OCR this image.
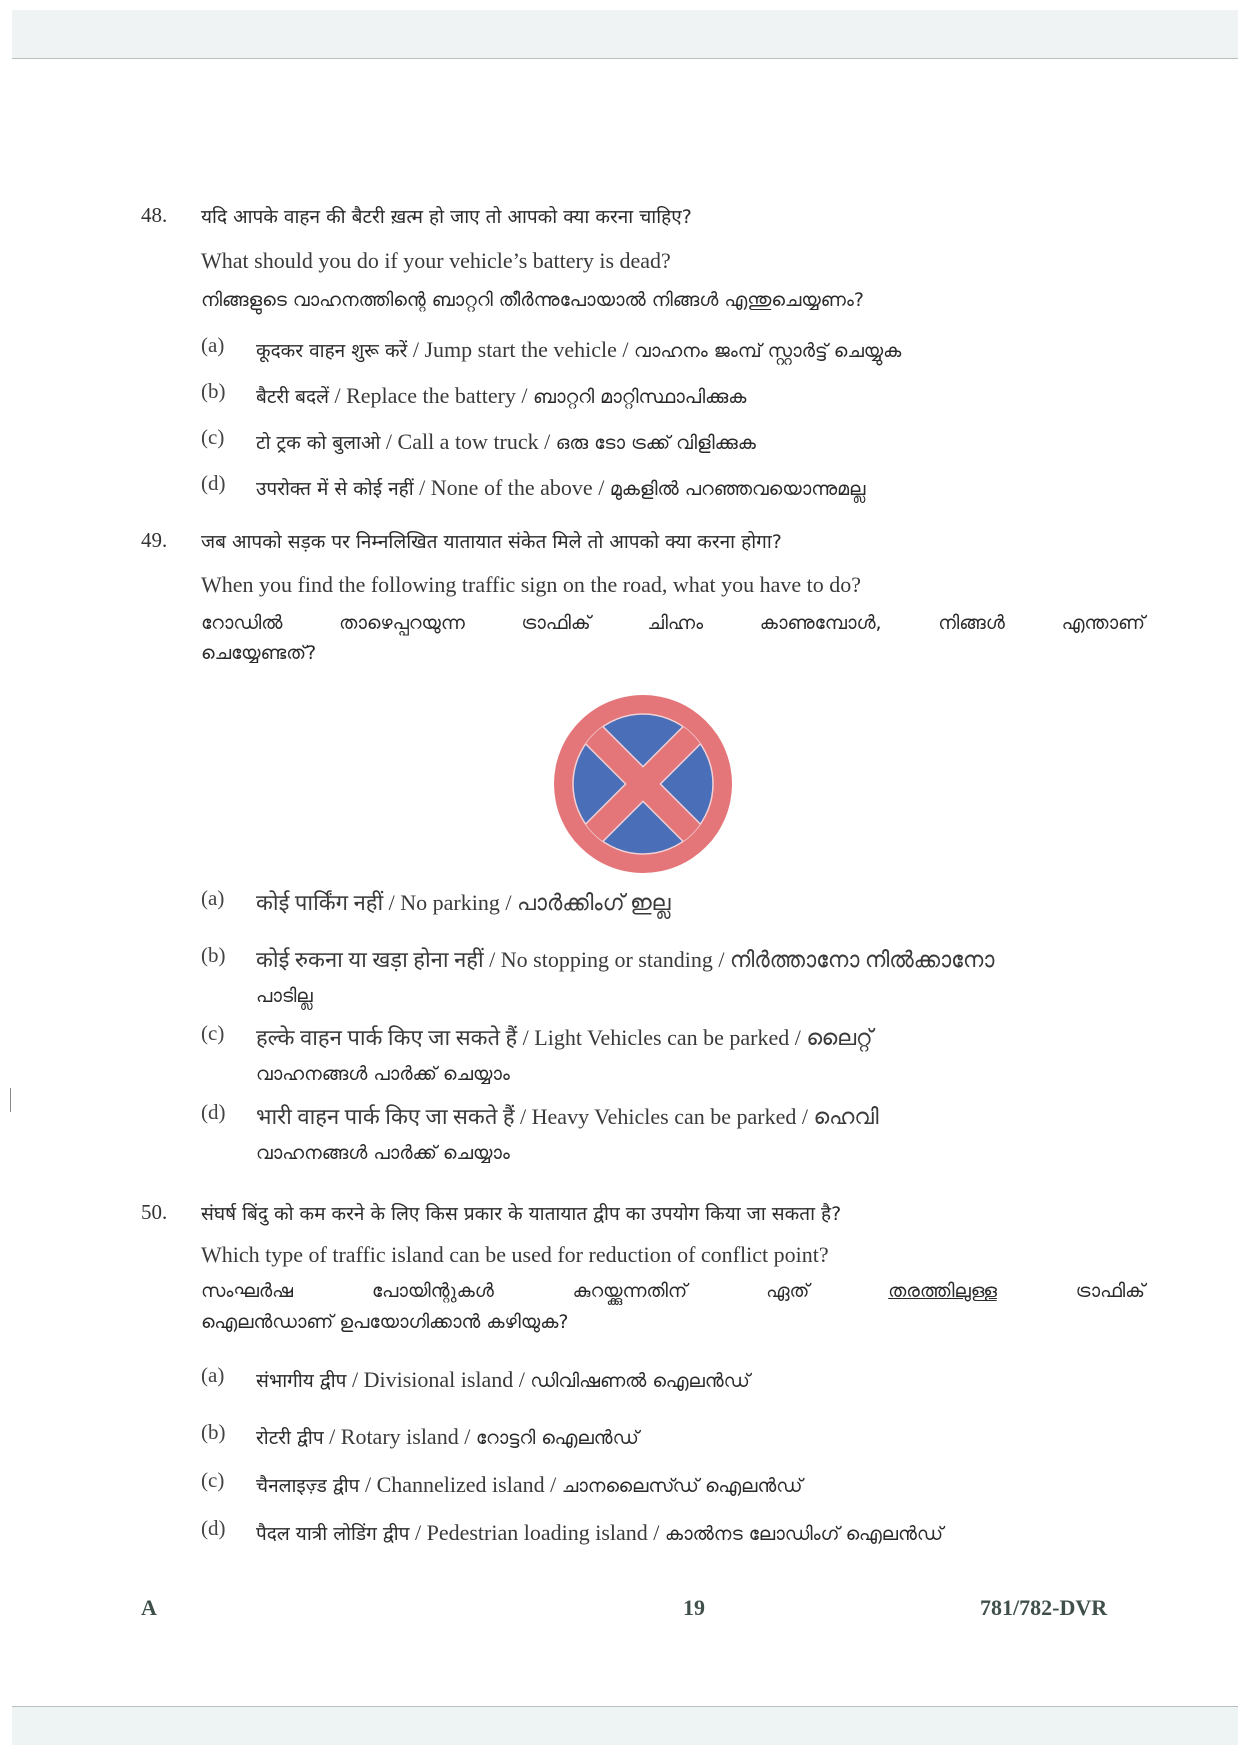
48. यदि आपके वाहन की बैटरी ख़त्म हो जाए तो आपको क्या करना चाहिए?
What should you do if your vehicle’s battery is dead?
നിങ്ങളുടെ വാഹനത്തിന്റെ ബാറ്ററി തീർന്നുപോയാൽ നിങ്ങൾ എന്തുചെയ്യണം?
(a) कूदकर वाहन शुरू करें / Jump start the vehicle / വാഹനം ജംമ്പ് സ്റ്റാർട്ട് ചെയ്യുക
(b) बैटरी बदलें / Replace the battery / ബാറ്ററി മാറ്റിസ്ഥാപിക്കുക
(c) टो ट्रक को बुलाओ / Call a tow truck / ഒരു ടോ ട്രക്ക് വിളിക്കുക
(d) उपरोक्त में से कोई नहीं / None of the above / മുകളിൽ പറഞ്ഞവയൊന്നുമല്ല
49. जब आपको सड़क पर निम्नलिखित यातायात संकेत मिले तो आपको क्या करना होगा?
When you find the following traffic sign on the road, what you have to do?
റോഡിൽ	താഴെപ്പറയുന്ന	ട്രാഫിക്	ചിഹ്നം	കാണുമ്പോൾ,	നിങ്ങൾ	എന്താണ്
ചെയ്യേണ്ടത്?
(a) कोई पार्किंग नहीं / No parking / പാർക്കിംഗ് ഇല്ല
(b) कोई रुकना या खड़ा होना नहीं / No stopping or standing / നിർത്താനോ നിൽക്കാനോ
പാടില്ല
(c) हल्के वाहन पार्क किए जा सकते हैं / Light Vehicles can be parked / ലൈറ്റ്
വാഹനങ്ങൾ പാർക്ക് ചെയ്യാം
(d) भारी वाहन पार्क किए जा सकते हैं / Heavy Vehicles can be parked / ഹെവി
വാഹനങ്ങൾ പാർക്ക് ചെയ്യാം
50. संघर्ष बिंदु को कम करने के लिए किस प्रकार के यातायात द्वीप का उपयोग किया जा सकता है?
Which type of traffic island can be used for reduction of conflict point?
സംഘർഷ	പോയിന്റുകൾ	കുറയ്ക്കുന്നതിന്	ഏത്	തരത്തിലുള്ള	ട്രാഫിക്
ഐലൻഡാണ് ഉപയോഗിക്കാൻ കഴിയുക?
(a) संभागीय द्वीप / Divisional island / ഡിവിഷണൽ ഐലൻഡ്
(b) रोटरी द्वीप / Rotary island / റോട്ടറി ഐലൻഡ്
(c) चैनलाइज़्ड द्वीप / Channelized island / ചാനലൈസ്ഡ് ഐലൻഡ്
(d) पैदल यात्री लोडिंग द्वीप / Pedestrian loading island / കാൽനട ലോഡിംഗ് ഐലൻഡ്
A	19	781/782-DVR
